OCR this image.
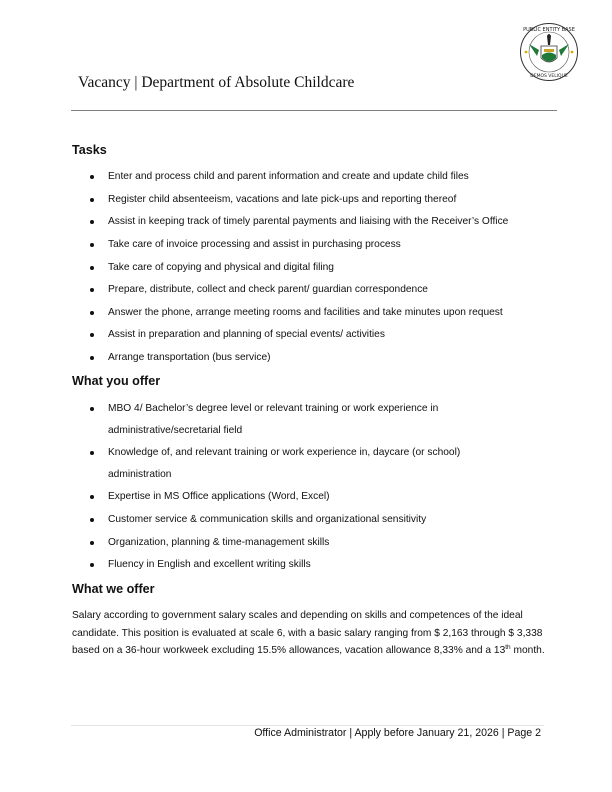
PUBLIC ENTITY BASE
DEMOS VELIQUE
Vacancy | Department of Absolute Childcare
Tasks
Enter and process child and parent information and create and update child files
Register child absenteeism, vacations and late pick-ups and reporting thereof
Assist in keeping track of timely parental payments and liaising with the Receiver’s Office
Take care of invoice processing and assist in purchasing process
Take care of copying and physical and digital filing
Prepare, distribute, collect and check parent/ guardian correspondence
Answer the phone, arrange meeting rooms and facilities and take minutes upon request
Assist in preparation and planning of special events/ activities
Arrange transportation (bus service)
What you offer
MBO 4/ Bachelor’s degree level or relevant training or work experience in
administrative/secretarial field
Knowledge of, and relevant training or work experience in, daycare (or school)
administration
Expertise in MS Office applications (Word, Excel)
Customer service & communication skills and organizational sensitivity
Organization, planning & time-management skills
Fluency in English and excellent writing skills
What we offer
Salary according to government salary scales and depending on skills and competences of the ideal candidate. This position is evaluated at scale 6, with a basic salary ranging from $ 2,163 through $ 3,338 based on a 36-hour workweek excluding 15.5% allowances, vacation allowance 8,33% and a 13th month.
Office Administrator | Apply before January 21, 2026 | Page 2
